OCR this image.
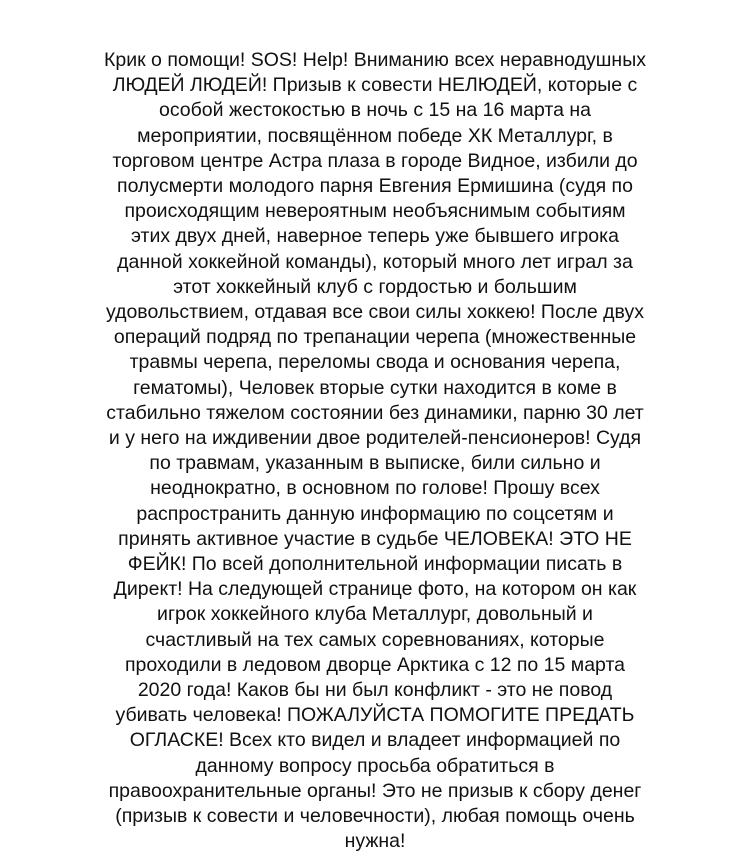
Крик о помощи! SOS! Help! Вниманию всех неравнодушных
ЛЮДЕЙ ЛЮДЕЙ! Призыв к совести НЕЛЮДЕЙ, которые с
особой жестокостью в ночь с 15 на 16 марта на
мероприятии, посвящённом победе ХК Металлург, в
торговом центре Астра плаза в городе Видное, избили до
полусмерти молодого парня Евгения Ермишина (судя по
происходящим невероятным необъяснимым событиям
этих двух дней, наверное теперь уже бывшего игрока
данной хоккейной команды), который много лет играл за
этот хоккейный клуб с гордостью и большим
удовольствием, отдавая все свои силы хоккею! После двух
операций подряд по трепанации черепа (множественные
травмы черепа, переломы свода и основания черепа,
гематомы), Человек вторые сутки находится в коме в
стабильно тяжелом состоянии без динамики, парню 30 лет
и у него на иждивении двое родителей-пенсионеров! Судя
по травмам, указанным в выписке, били сильно и
неоднократно, в основном по голове! Прошу всех
распространить данную информацию по соцсетям и
принять активное участие в судьбе ЧЕЛОВЕКА! ЭТО НЕ
ФЕЙК! По всей дополнительной информации писать в
Директ! На следующей странице фото, на котором он как
игрок хоккейного клуба Металлург, довольный и
счастливый на тех самых соревнованиях, которые
проходили в ледовом дворце Арктика с 12 по 15 марта
2020 года! Каков бы ни был конфликт - это не повод
убивать человека! ПОЖАЛУЙСТА ПОМОГИТЕ ПРЕДАТЬ
ОГЛАСКЕ! Всех кто видел и владеет информацией по
данному вопросу просьба обратиться в
правоохранительные органы! Это не призыв к сбору денег
(призыв к совести и человечности), любая помощь очень
нужна!
